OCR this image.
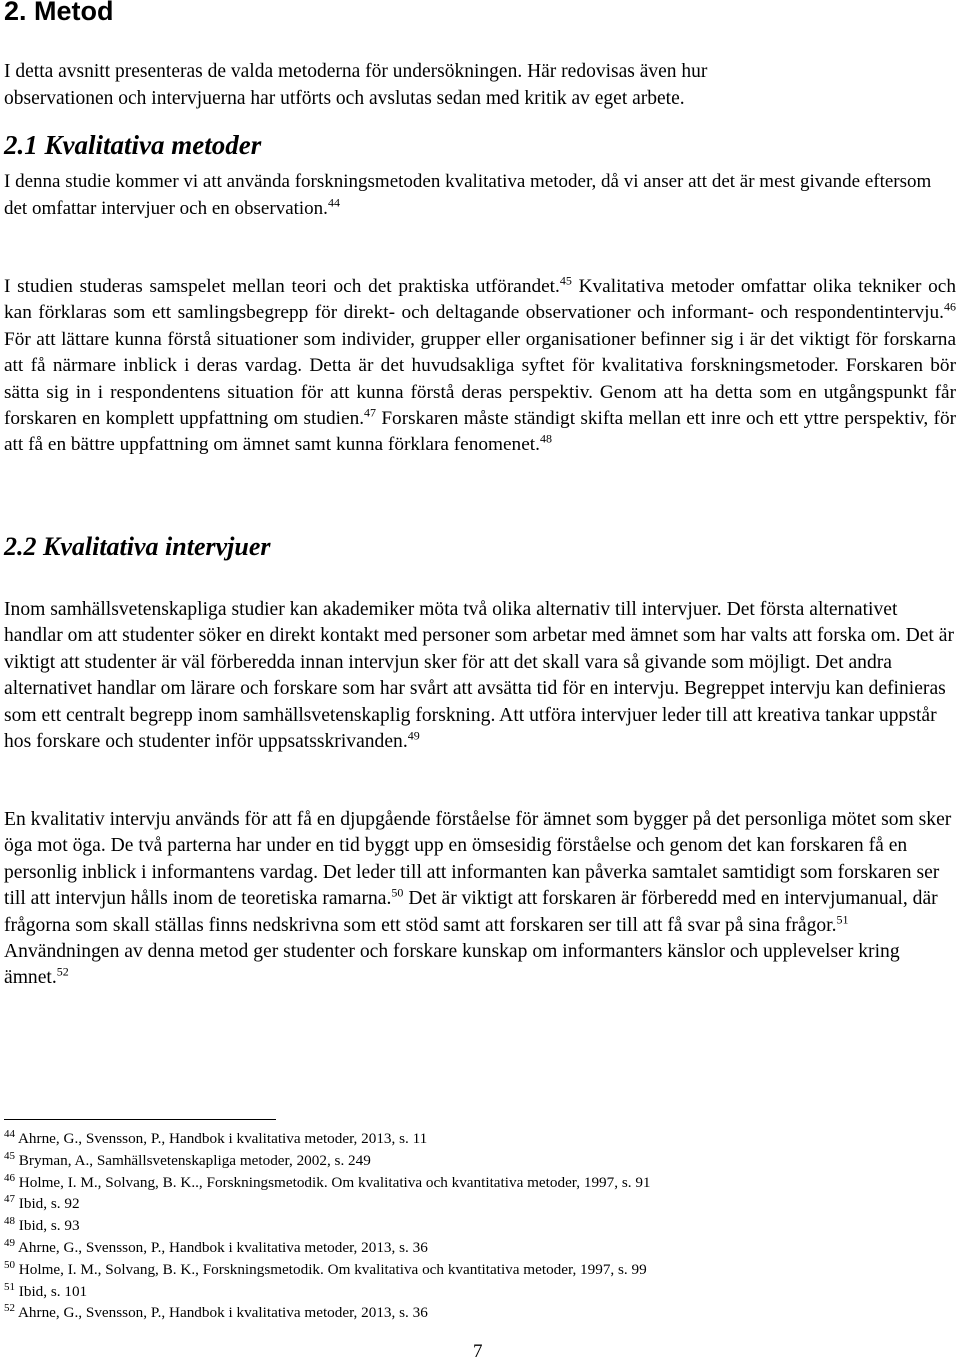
2. Metod
I detta avsnitt presenteras de valda metoderna för undersökningen. Här redovisas även hur
observationen och intervjuerna har utförts och avslutas sedan med kritik av eget arbete.
2.1 Kvalitativa metoder

I denna studie kommer vi att använda forskningsmetoden kvalitativa metoder, då vi anser att det är mest givande eftersom det omfattar intervjuer och en observation.$^{44}$

I studien studeras samspelet mellan teori och det praktiska utförandet.$^{45}$ Kvalitativa metoder omfattar olika tekniker och kan förklaras som ett samlingsbegrepp för direkt- och deltagande observationer och informant- och respondentintervju.$^{46}$ För att lättare kunna förstå situationer som individer, grupper eller organisationer befinner sig i är det viktigt för forskarna att få närmare inblick i deras vardag. Detta är det huvudsakliga syftet för kvalitativa forskningsmetoder. Forskaren bör sätta sig in i respondentens situation för att kunna förstå deras perspektiv. Genom att ha detta som en utgångspunkt får forskaren en komplett uppfattning om studien.$^{47}$ Forskaren måste ständigt skifta mellan ett inre och ett yttre perspektiv, för att få en bättre uppfattning om ämnet samt kunna förklara fenomenet.$^{48}$

2.2 Kvalitativa intervjuer

Inom samhällsvetenskapliga studier kan akademiker möta två olika alternativ till intervjuer. Det första alternativet handlar om att studenter söker en direkt kontakt med personer som arbetar med ämnet som har valts att forska om. Det är viktigt att studenter är väl förberedda innan intervjun sker för att det skall vara så givande som möjligt. Det andra alternativet handlar om lärare och forskare som har svårt att avsätta tid för en intervju. Begreppet intervju kan definieras som ett centralt begrepp inom samhällsvetenskaplig forskning. Att utföra intervjuer leder till att kreativa tankar uppstår hos forskare och studenter inför uppsatsskrivanden.$^{49}$

En kvalitativ intervju används för att få en djupgående förståelse för ämnet som bygger på det personliga mötet som sker öga mot öga. De två parterna har under en tid byggt upp en ömsesidig förståelse och genom det kan forskaren få en personlig inblick i informantens vardag. Det leder till att informanten kan påverka samtalet samtidigt som forskaren ser till att intervjun hålls inom de teoretiska ramarna.$^{50}$ Det är viktigt att forskaren är förberedd med en intervjumanual, där frågorna som skall ställas finns nedskrivna som ett stöd samt att forskaren ser till att få svar på sina frågor.$^{51}$ Användningen av denna metod ger studenter och forskare kunskap om informanters känslor och upplevelser kring ämnet.$^{52}$

$^{44}$ Ahrne, G., Svensson, P., Handbok i kvalitativa metoder, 2013, s. 11
$^{45}$ Bryman, A., Samhällsvetenskapliga metoder, 2002, s. 249
$^{46}$ Holme, I. M., Solvang, B. K.., Forskningsmetodik. Om kvalitativa och kvantitativa metoder, 1997, s. 91
$^{47}$ Ibid, s. 92
$^{48}$ Ibid, s. 93
$^{49}$ Ahrne, G., Svensson, P., Handbok i kvalitativa metoder, 2013, s. 36
$^{50}$ Holme, I. M., Solvang, B. K., Forskningsmetodik. Om kvalitativa och kvantitativa metoder, 1997, s. 99
$^{51}$ Ibid, s. 101
$^{52}$ Ahrne, G., Svensson, P., Handbok i kvalitativa metoder, 2013, s. 36
7
